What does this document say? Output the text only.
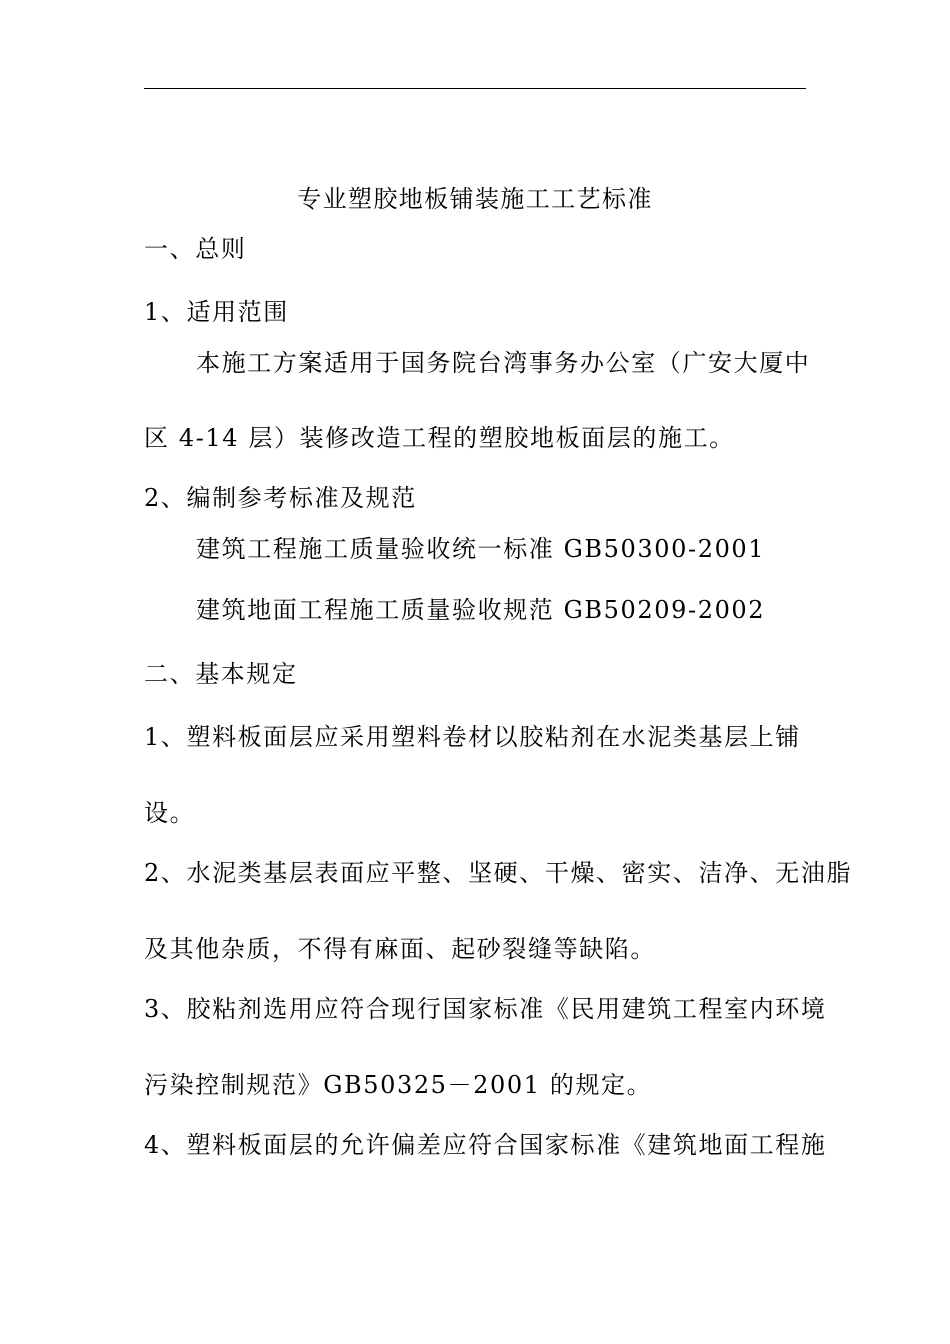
专业塑胶地板铺装施工工艺标准
一、总则
1、适用范围
本施工方案适用于国务院台湾事务办公室（广安大厦中
区 4-14 层）装修改造工程的塑胶地板面层的施工。
2、编制参考标准及规范
建筑工程施工质量验收统一标准 GB50300-2001
建筑地面工程施工质量验收规范 GB50209-2002
二、基本规定
1、塑料板面层应采用塑料卷材以胶粘剂在水泥类基层上铺
设。
2、水泥类基层表面应平整、坚硬、干燥、密实、洁净、无油脂
及其他杂质，不得有麻面、起砂裂缝等缺陷。
3、胶粘剂选用应符合现行国家标准《民用建筑工程室内环境
污染控制规范》GB50325－2001 的规定。
4、塑料板面层的允许偏差应符合国家标准《建筑地面工程施
